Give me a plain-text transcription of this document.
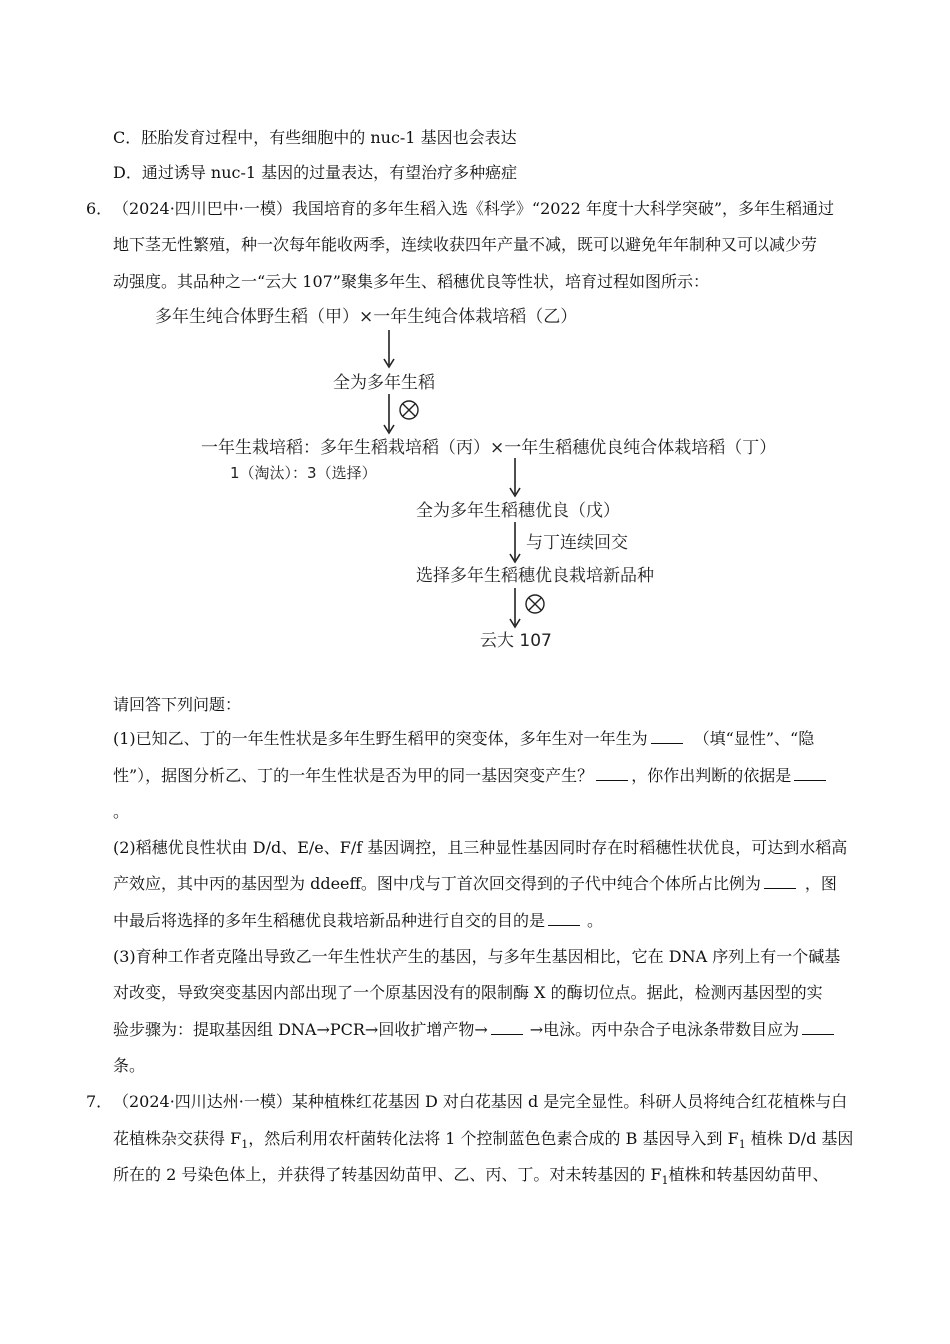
C．胚胎发育过程中，有些细胞中的 nuc-1 基因也会表达
D．通过诱导 nuc-1 基因的过量表达，有望治疗多种癌症
6． （2024·四川巴中·一模）我国培育的多年生稻入选《科学》“2022 年度十大科学突破”，多年生稻通过
地下茎无性繁殖，种一次每年能收两季，连续收获四年产量不减，既可以避免年年制种又可以减少劳
动强度。其品种之一“云大 107”聚集多年生、稻穗优良等性状，培育过程如图所示：
多年生纯合体野生稻（甲）×一年生纯合体栽培稻（乙）
全为多年生稻
一年生栽培稻：多年生稻栽培稻（丙）×一年生稻穗优良纯合体栽培稻（丁）
1（淘汰）：3（选择）
全为多年生稻穗优良（戊）
与丁连续回交
选择多年生稻穗优良栽培新品种
云大 107
请回答下列问题：
(1)已知乙、丁的一年生性状是多年生野生稻甲的突变体，多年生对一年生为	（填“显性”、“隐
性”），据图分析乙、丁的一年生性状是否为甲的同一基因突变产生？ ，你作出判断的依据是
。
(2)稻穗优良性状由 D/d、E/e、F/f 基因调控，且三种显性基因同时存在时稻穗性状优良，可达到水稻高
产效应，其中丙的基因型为 ddeeff。图中戊与丁首次回交得到的子代中纯合个体所占比例为	，图
中最后将选择的多年生稻穗优良栽培新品种进行自交的目的是	。
(3)育种工作者克隆出导致乙一年生性状产生的基因，与多年生基因相比，它在 DNA 序列上有一个碱基
对改变，导致突变基因内部出现了一个原基因没有的限制酶 X 的酶切位点。据此，检测丙基因型的实
验步骤为：提取基因组 DNA→PCR→回收扩增产物→	→电泳。丙中杂合子电泳条带数目应为
条。
7． （2024·四川达州·一模）某种植株红花基因 D 对白花基因 d 是完全显性。科研人员将纯合红花植株与白
花植株杂交获得 $F_1$，然后利用农杆菌转化法将 1 个控制蓝色色素合成的 B 基因导入到 $F_1$ 植株 D/d 基因
所在的 2 号染色体上，并获得了转基因幼苗甲、乙、丙、丁。对未转基因的 $F_1$植株和转基因幼苗甲、
